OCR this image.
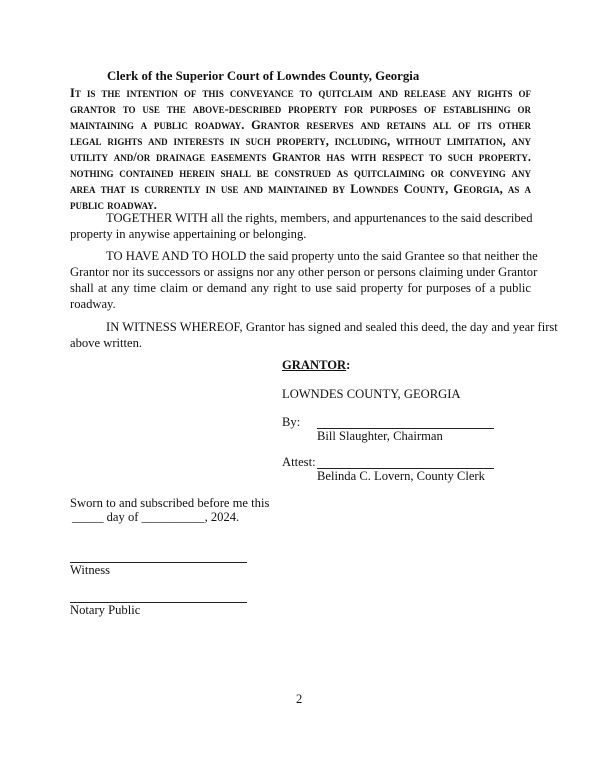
Clerk of the Superior Court of Lowndes County, Georgia
It is the intention of this conveyance to quitclaim and release any rights of
grantor to use the above-described property for purposes of establishing or
maintaining a public roadway. Grantor reserves and retains all of its other
legal rights and interests in such property, including, without limitation, any
utility and/or drainage easements Grantor has with respect to such property.
nothing contained herein shall be construed as quitclaiming or conveying any
area that is currently in use and maintained by Lowndes County, Georgia, as a
public roadway.
TOGETHER WITH all the rights, members, and appurtenances to the said described
property in anywise appertaining or belonging.
TO HAVE AND TO HOLD the said property unto the said Grantee so that neither the
Grantor nor its successors or assigns nor any other person or persons claiming under Grantor
shall at any time claim or demand any right to use said property for purposes of a public
roadway.
IN WITNESS WHEREOF, Grantor has signed and sealed this deed, the day and year first
above written.
GRANTOR:
LOWNDES COUNTY, GEORGIA
By:
Bill Slaughter, Chairman
Attest:
Belinda C. Lovern, County Clerk
Sworn to and subscribed before me this
_____ day of __________, 2024.
Witness
Notary Public
2
